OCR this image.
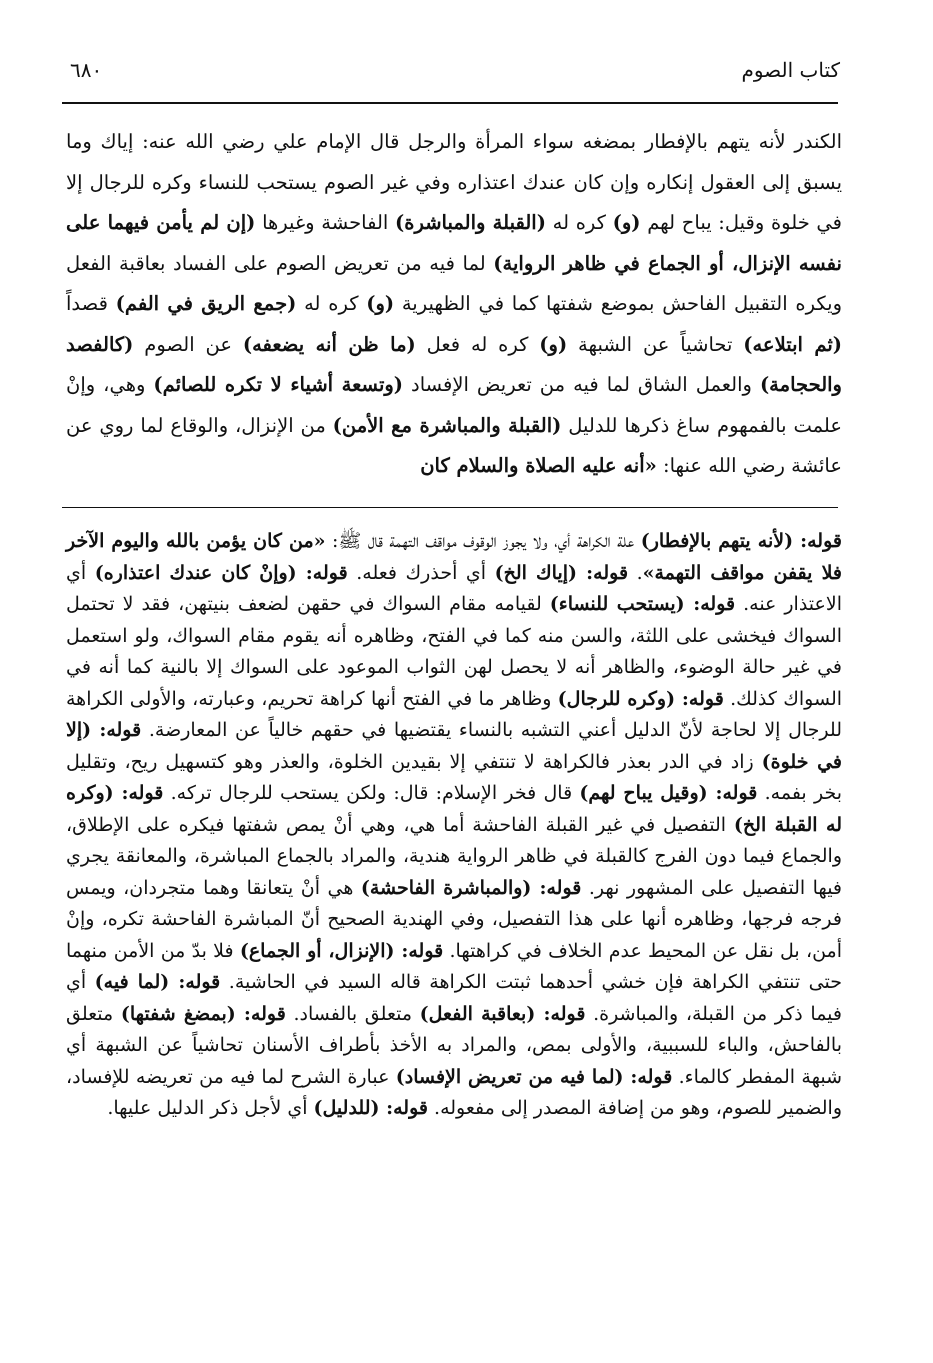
كتاب الصوم
٦٨٠

الكندر لأنه يتهم بالإفطار بمضغه سواء المرأة والرجل قال الإمام علي رضي الله عنه: إياك وما يسبق إلى العقول إنكاره وإن كان عندك اعتذاره وفي غير الصوم يستحب للنساء وكره للرجال إلا في خلوة وقيل: يباح لهم (و) كره له (القبلة والمباشرة) الفاحشة وغيرها (إن لم يأمن فيهما على نفسه الإنزال، أو الجماع في ظاهر الرواية) لما فيه من تعريض الصوم على الفساد بعاقبة الفعل ويكره التقبيل الفاحش بموضع شفتها كما في الظهيرية (و) كره له (جمع الريق في الفم) قصداً (ثم ابتلاعه) تحاشياً عن الشبهة (و) كره له فعل (ما ظن أنه يضعفه) عن الصوم (كالفصد والحجامة) والعمل الشاق لما فيه من تعريض الإفساد (وتسعة أشياء لا تكره للصائم) وهي، وإنْ علمت بالفمهوم ساغ ذكرها للدليل (القبلة والمباشرة مع الأمن) من الإنزال، والوقاع لما روي عن عائشة رضي الله عنها: «أنه عليه الصلاة والسلام كان

قوله: (لأنه يتهم بالإفطار) علة الكراهة أي، ولا يجوز الوقوف مواقف التهمة قال ﷺ: «من كان يؤمن بالله واليوم الآخر فلا يقفن مواقف التهمة». قوله: (إياك الخ) أي أحذرك فعله. قوله: (وإنْ كان عندك اعتذاره) أي الاعتذار عنه. قوله: (يستحب للنساء) لقيامه مقام السواك في حقهن لضعف بنيتهن، فقد لا تحتمل السواك فيخشى على اللثة، والسن منه كما في الفتح، وظاهره أنه يقوم مقام السواك، ولو استعمل في غير حالة الوضوء، والظاهر أنه لا يحصل لهن الثواب الموعود على السواك إلا بالنية كما أنه في السواك كذلك. قوله: (وكره للرجال) وظاهر ما في الفتح أنها كراهة تحريم، وعبارته، والأولى الكراهة للرجال إلا لحاجة لأنّ الدليل أعني التشبه بالنساء يقتضيها في حقهم خالياً عن المعارضة. قوله: (إلا في خلوة) زاد في الدر بعذر فالكراهة لا تنتفي إلا بقيدين الخلوة، والعذر وهو كتسهيل ريح، وتقليل بخر بفمه. قوله: (وقيل يباح لهم) قال فخر الإسلام: قال: ولكن يستحب للرجال تركه. قوله: (وكره له القبلة الخ) التفصيل في غير القبلة الفاحشة أما هي، وهي أنْ يمص شفتها فيكره على الإطلاق، والجماع فيما دون الفرج كالقبلة في ظاهر الرواية هندية، والمراد بالجماع المباشرة، والمعانقة يجري فيها التفصيل على المشهور نهر. قوله: (والمباشرة الفاحشة) هي أنْ يتعانقا وهما متجردان، ويمس فرجه فرجها، وظاهره أنها على هذا التفصيل، وفي الهندية الصحيح أنّ المباشرة الفاحشة تكره، وإنْ أمن، بل نقل عن المحيط عدم الخلاف في كراهتها. قوله: (الإنزال، أو الجماع) فلا بدّ من الأمن منهما حتى تنتفي الكراهة فإن خشي أحدهما ثبتت الكراهة قاله السيد في الحاشية. قوله: (لما فيه) أي فيما ذكر من القبلة، والمباشرة. قوله: (بعاقبة الفعل) متعلق بالفساد. قوله: (بمضغ شفتها) متعلق بالفاحش، والباء للسببية، والأولى بمص، والمراد به الأخذ بأطراف الأسنان تحاشياً عن الشبهة أي شبهة المفطر كالماء. قوله: (لما فيه من تعريض الإفساد) عبارة الشرح لما فيه من تعريضه للإفساد، والضمير للصوم، وهو من إضافة المصدر إلى مفعوله. قوله: (للدليل) أي لأجل ذكر الدليل عليها.
